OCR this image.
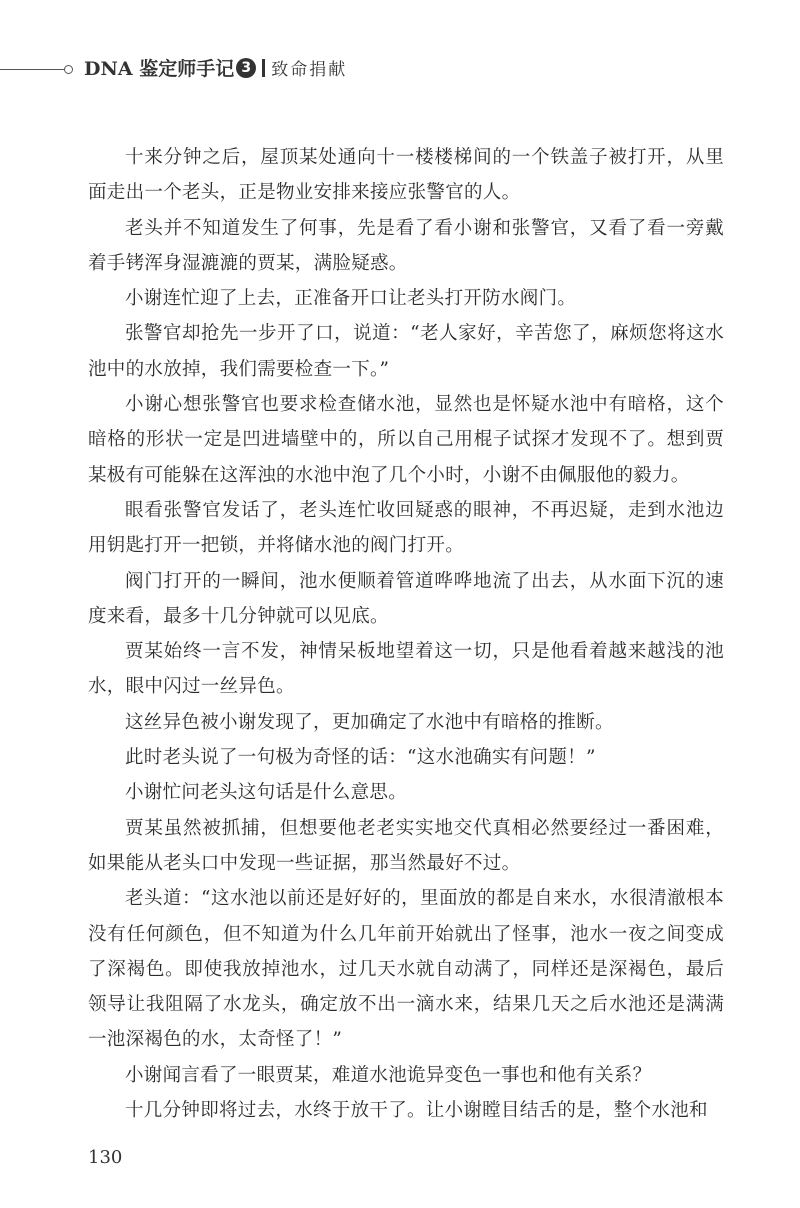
DNA 鉴定师手记 3	致命捐献

十来分钟之后，屋顶某处通向十一楼楼梯间的一个铁盖子被打开，从里面走出一个老头，正是物业安排来接应张警官的人。

老头并不知道发生了何事，先是看了看小谢和张警官，又看了看一旁戴着手铐浑身湿漉漉的贾某，满脸疑惑。

小谢连忙迎了上去，正准备开口让老头打开防水阀门。

张警官却抢先一步开了口，说道：“老人家好，辛苦您了，麻烦您将这水池中的水放掉，我们需要检查一下。”

小谢心想张警官也要求检查储水池，显然也是怀疑水池中有暗格，这个暗格的形状一定是凹进墙壁中的，所以自己用棍子试探才发现不了。想到贾某极有可能躲在这浑浊的水池中泡了几个小时，小谢不由佩服他的毅力。

眼看张警官发话了，老头连忙收回疑惑的眼神，不再迟疑，走到水池边用钥匙打开一把锁，并将储水池的阀门打开。

阀门打开的一瞬间，池水便顺着管道哗哗地流了出去，从水面下沉的速度来看，最多十几分钟就可以见底。

贾某始终一言不发，神情呆板地望着这一切，只是他看着越来越浅的池水，眼中闪过一丝异色。

这丝异色被小谢发现了，更加确定了水池中有暗格的推断。

此时老头说了一句极为奇怪的话：“这水池确实有问题！”

小谢忙问老头这句话是什么意思。

贾某虽然被抓捕，但想要他老老实实地交代真相必然要经过一番困难，如果能从老头口中发现一些证据，那当然最好不过。

老头道：“这水池以前还是好好的，里面放的都是自来水，水很清澈根本没有任何颜色，但不知道为什么几年前开始就出了怪事，池水一夜之间变成了深褐色。即使我放掉池水，过几天水就自动满了，同样还是深褐色，最后领导让我阻隔了水龙头，确定放不出一滴水来，结果几天之后水池还是满满一池深褐色的水，太奇怪了！”

小谢闻言看了一眼贾某，难道水池诡异变色一事也和他有关系？

十几分钟即将过去，水终于放干了。让小谢瞠目结舌的是，整个水池和

130
